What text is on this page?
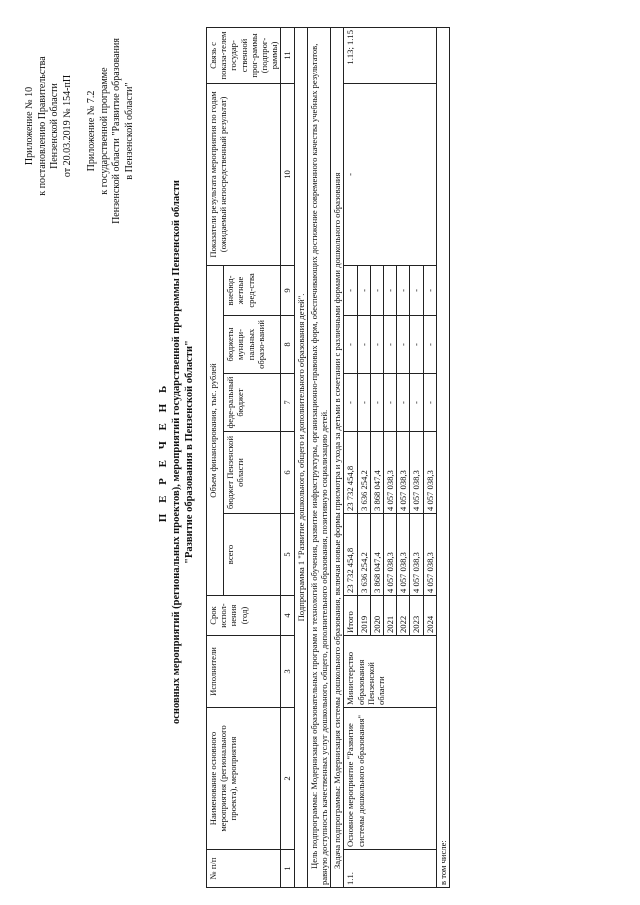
Приложение № 10 к постановлению Правительства Пензенской области от 20.03.2019 № 154-пП Приложение № 7.2 к государственной программе Пензенской области "Развитие образования в Пензенской области"
П Е Р Е Ч Е Н Ь основных мероприятий (региональных проектов), мероприятий государственной программы Пензенской области "Развитие образования в Пензенской области"
№ п/п	Наименование основного мероприятия (регионального проекта), мероприятия	Исполнители	Срок испол-нения (год)	Объем финансирования, тыс. рублей					Показатели результата мероприятия по годам (ожидаемый непосредственный результат)	Связь с показа-телем государ-ственной прог-раммы (подпрог-раммы)
				всего	бюджет Пензенской области	феде-ральный бюджет	бюджеты муници-пальных образо-ваний	внебюд-жетные сред-ства		
1	2	3	4	5	6	7	8	9	10	11
Подпрограмма 1 "Развитие дошкольного, общего и дополнительного образования детей".										
Цель подпрограммы: Модернизация образовательных программ и технологий обучения, развитие инфраструктуры, организационно-правовых форм, обеспечивающих достижение современного качества учебных результатов, равную доступность качественных услуг дошкольного, общего, дополнительного образования, позитивную социализацию детей.										
Задача подпрограммы: Модернизация системы дошкольного образования, включая новые формы присмотра и ухода за детьми в сочетании с различными формами дошкольного образования										
1.1.	Основное мероприятие "Развитие системы дошкольного образования"	Министерство образования Пензенской области	Итого	23 732 454,8	23 732 454,8	-	-	-	-	1.13; 1.15
			2019	3 636 254,2	3 636 254,2	-	-	-		
			2020	3 868 047,4	3 868 047,4	-	-	-		
			2021	4 057 038,3	4 057 038,3	-	-	-		
			2022	4 057 038,3	4 057 038,3	-	-	-		
			2023	4 057 038,3	4 057 038,3	-	-	-		
			2024	4 057 038,3	4 057 038,3	-	-	-		
в том числе:										
